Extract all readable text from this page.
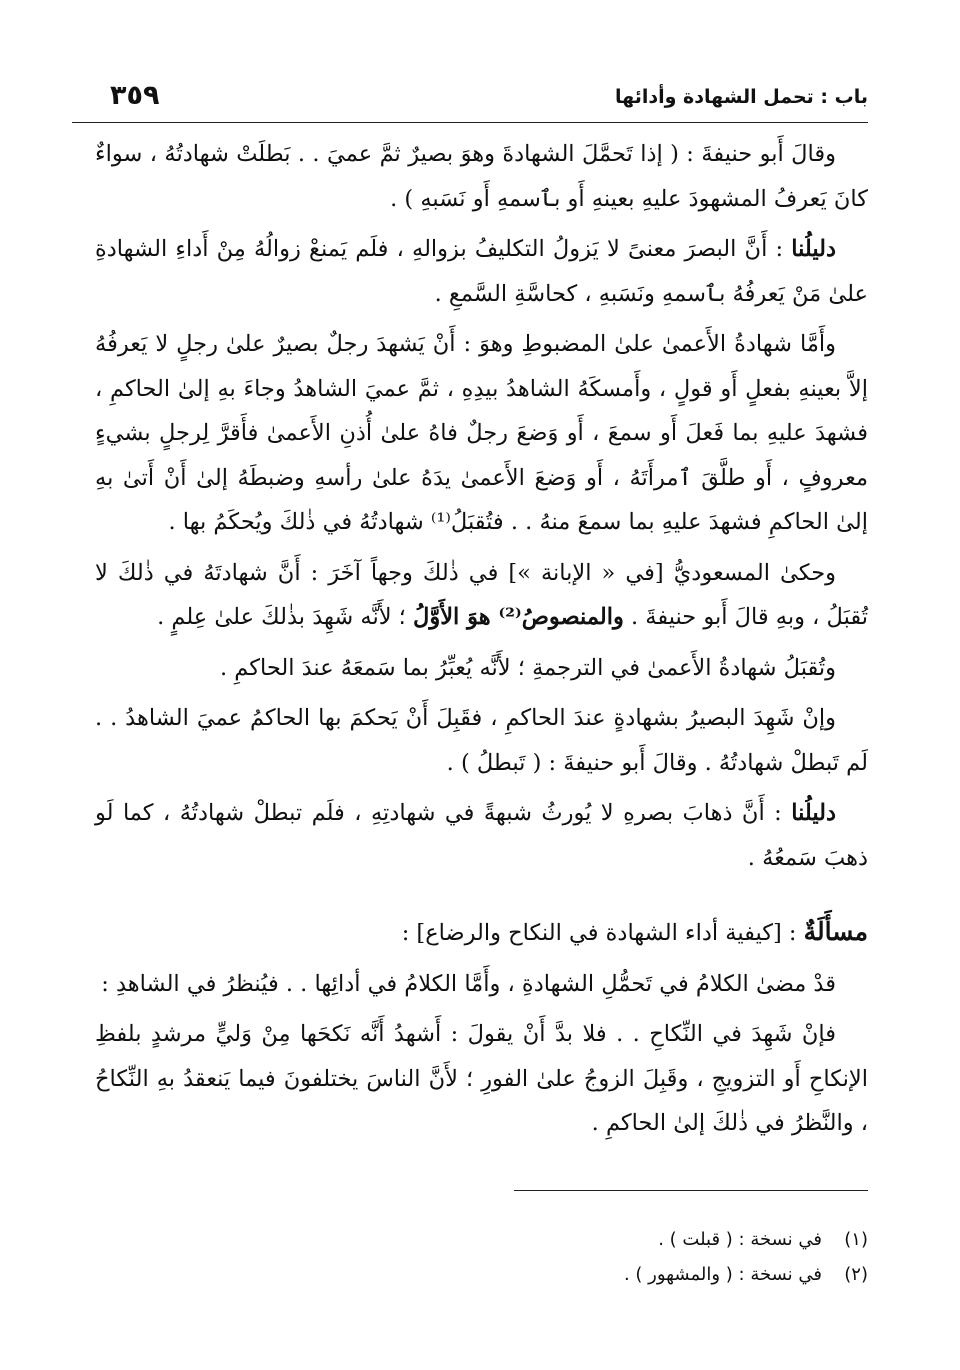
باب : تحمل الشهادة وأدائها
٣٥٩

وقالَ أَبو حنيفةَ : ( إذا تَحمَّلَ الشهادةَ وهوَ بصيرٌ ثمَّ عميَ . . بَطلَتْ شهادتُهُ ، سواءٌ كانَ يَعرفُ المشهودَ عليهِ بعينهِ أَو بٱسمهِ أَو نَسَبهِ ) .

دليلُنا : أَنَّ البصرَ معنىً لا يَزولُ التكليفُ بزوالهِ ، فلَم يَمنعْ زوالُهُ مِنْ أَداءِ الشهادةِ علىٰ مَنْ يَعرفُهُ بٱسمهِ ونَسَبهِ ، كحاسَّةِ السَّمعِ .

وأَمَّا شهادةُ الأَعمىٰ علىٰ المضبوطِ وهوَ : أَنْ يَشهدَ رجلٌ بصيرٌ علىٰ رجلٍ لا يَعرفُهُ إلاَّ بعينهِ بفعلٍ أَو قولٍ ، وأَمسكَهُ الشاهدُ بيدِهِ ، ثمَّ عميَ الشاهدُ وجاءَ بهِ إلىٰ الحاكمِ ، فشهدَ عليهِ بما فَعلَ أَو سمعَ ، أَو وَضعَ رجلٌ فاهُ علىٰ أُذنِ الأَعمىٰ فأَقرَّ لِرجلٍ بشيءٍ معروفٍ ، أَو طلَّقَ ٱمرأَتَهُ ، أَو وَضعَ الأَعمىٰ يدَهُ علىٰ رأسهِ وضبطَهُ إلىٰ أَنْ أَتىٰ بهِ إلىٰ الحاكمِ فشهدَ عليهِ بما سمعَ منهُ . . فتُقبَلُ⁽¹⁾ شهادتُهُ في ذٰلكَ ويُحكَمُ بها .

وحكىٰ المسعوديُّ [في « الإبانة »] في ذٰلكَ وجهاً آخَرَ : أَنَّ شهادتَهُ في ذٰلكَ لا تُقبَلُ ، وبهِ قالَ أَبو حنيفةَ . والمنصوصُ⁽²⁾ هوَ الأَوَّلُ ؛ لأَنَّه شَهِدَ بذٰلكَ علىٰ عِلمٍ .

وتُقبَلُ شهادةُ الأَعمىٰ في الترجمةِ ؛ لأَنَّه يُعبِّرُ بما سَمعَهُ عندَ الحاكمِ .

وإنْ شَهِدَ البصيرُ بشهادةٍ عندَ الحاكمِ ، فقَبِلَ أَنْ يَحكمَ بها الحاكمُ عميَ الشاهدُ . . لَم تَبطلْ شهادتُهُ . وقالَ أَبو حنيفةَ : ( تَبطلُ ) .

دليلُنا : أَنَّ ذهابَ بصرهِ لا يُورثُ شبهةً في شهادتِهِ ، فلَم تبطلْ شهادتُهُ ، كما لَو ذهبَ سَمعُهُ .

مسأَلَةٌ : [كيفية أداء الشهادة في النكاح والرضاع] :

قدْ مضىٰ الكلامُ في تَحمُّلِ الشهادةِ ، وأَمَّا الكلامُ في أدائِها . . فيُنظرُ في الشاهدِ :

فإنْ شَهِدَ في النِّكاحِ . . فلا بدَّ أَنْ يقولَ : أَشهدُ أَنَّه نَكحَها مِنْ وَليٍّ مرشدٍ بلفظِ الإنكاحِ أَو التزويجِ ، وقَبِلَ الزوجُ علىٰ الفورِ ؛ لأَنَّ الناسَ يختلفونَ فيما يَنعقدُ بهِ النِّكاحُ ، والنَّظرُ في ذٰلكَ إلىٰ الحاكمِ .

(١)في نسخة : ( قبلت ) .
(٢)في نسخة : ( والمشهور ) .
